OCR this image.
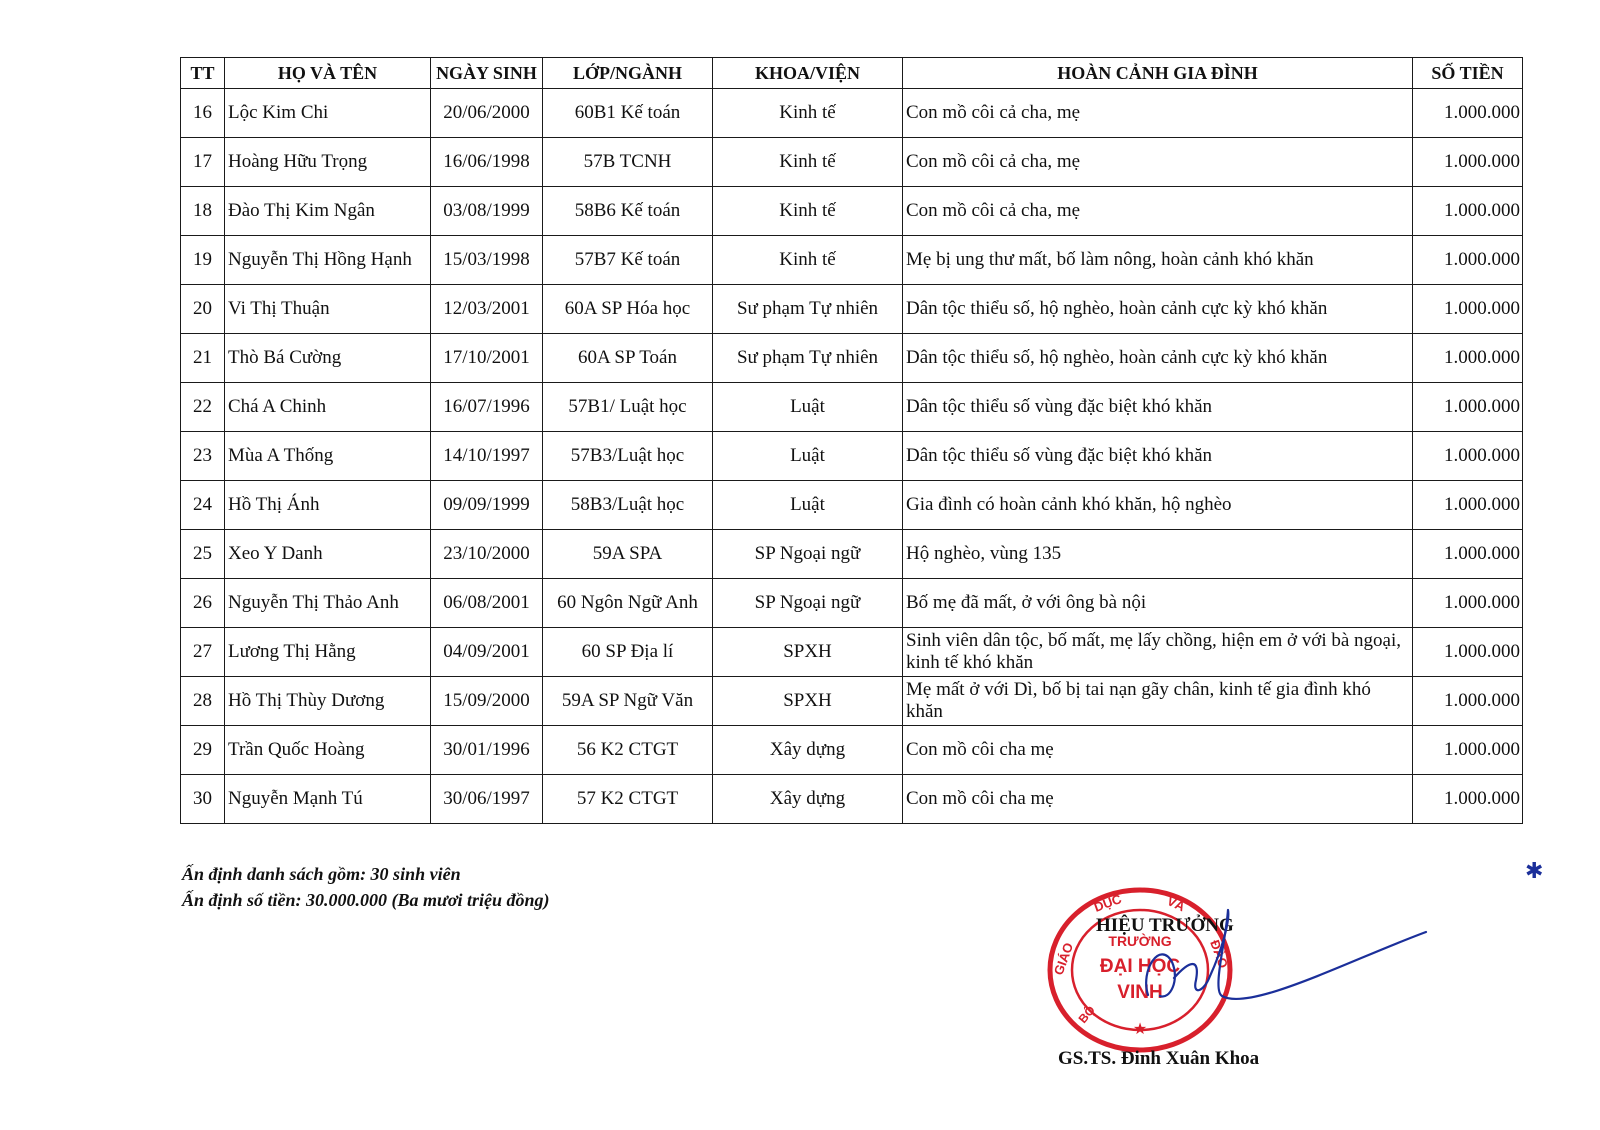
TT	HỌ VÀ TÊN	NGÀY SINH	LỚP/NGÀNH	KHOA/VIỆN	HOÀN CẢNH GIA ĐÌNH	SỐ TIỀN
16	Lộc Kim Chi	20/06/2000	60B1 Kế toán	Kinh tế	Con mồ côi cả cha, mẹ	1.000.000
17	Hoàng Hữu Trọng	16/06/1998	57B TCNH	Kinh tế	Con mồ côi cả cha, mẹ	1.000.000
18	Đào Thị Kim Ngân	03/08/1999	58B6 Kế toán	Kinh tế	Con mồ côi cả cha, mẹ	1.000.000
19	Nguyễn Thị Hồng Hạnh	15/03/1998	57B7 Kế toán	Kinh tế	Mẹ bị ung thư mất, bố làm nông, hoàn cảnh khó khăn	1.000.000
20	Vi Thị Thuận	12/03/2001	60A SP Hóa học	Sư phạm Tự nhiên	Dân tộc thiểu số, hộ nghèo, hoàn cảnh cực kỳ khó khăn	1.000.000
21	Thò Bá Cường	17/10/2001	60A SP Toán	Sư phạm Tự nhiên	Dân tộc thiểu số, hộ nghèo, hoàn cảnh cực kỳ khó khăn	1.000.000
22	Chá A Chinh	16/07/1996	57B1/ Luật học	Luật	Dân tộc thiểu số vùng đặc biệt khó khăn	1.000.000
23	Mùa A Thống	14/10/1997	57B3/Luật học	Luật	Dân tộc thiểu số vùng đặc biệt khó khăn	1.000.000
24	Hồ Thị Ánh	09/09/1999	58B3/Luật học	Luật	Gia đình có hoàn cảnh khó khăn, hộ nghèo	1.000.000
25	Xeo Y Danh	23/10/2000	59A SPA	SP Ngoại ngữ	Hộ nghèo, vùng 135	1.000.000
26	Nguyễn Thị Thảo Anh	06/08/2001	60 Ngôn Ngữ Anh	SP Ngoại ngữ	Bố mẹ đã mất, ở với ông bà nội	1.000.000
27	Lương Thị Hằng	04/09/2001	60 SP Địa lí	SPXH	Sinh viên dân tộc, bố mất, mẹ lấy chồng, hiện em ở với bà ngoại, kinh tế khó khăn	1.000.000
28	Hồ Thị Thùy Dương	15/09/2000	59A SP Ngữ Văn	SPXH	Mẹ mất ở với Dì, bố bị tai nạn gãy chân, kinh tế gia đình khó khăn	1.000.000
29	Trần Quốc Hoàng	30/01/1996	56 K2 CTGT	Xây dựng	Con mồ côi cha mẹ	1.000.000
30	Nguyễn Mạnh Tú	30/06/1997	57 K2 CTGT	Xây dựng	Con mồ côi cha mẹ	1.000.000
Ấn định danh sách gồm: 30 sinh viên
Ấn định số tiền: 30.000.000 (Ba mươi triệu đồng)
GIÁO
DỤC	VÀ
ĐÀO
BỘ
TRƯỜNG
ĐẠI HỌC
VINH
★
HIỆU TRƯỞNG
GS.TS. Đinh Xuân Khoa
✱
